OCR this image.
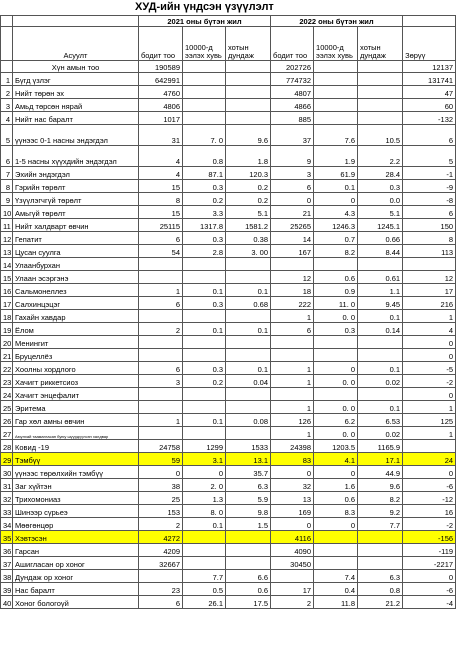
ХУД-ийн үндсэн үзүүлэлт
		2021 оны бүтэн жил			2022 оны бүтэн жил			
	Асуулт	бодит тоо	10000-д ээлэх хувь	хотын дундаж	бодит тоо	10000-д ээлэх хувь	хотын дундаж	Зөрүү
	Хүн амын тоо	190589			202726			12137
1	Бүгд үзлэг	642991			774732			131741
2	Нийт төрөн эх	4760			4807			47
3	Амьд төрсөн нярай	4806			4866			60
4	Нийт нас баралт	1017			885			-132
5	үүнээс 0-1 насны эндэгдэл	31	7. 0	9.6	37	7.6	10.5	6
6	1-5 насны хүүхдийн эндэгдэл	4	0.8	1.8	9	1.9	2.2	5
7	Эхийн эндэгдэл	4	87.1	120.3	3	61.9	28.4	-1
8	Гэрийн төрөлт	15	0.3	0.2	6	0.1	0.3	-9
9	Үзүүлэгчгүй төрөлт	8	0.2	0.2	0	0	0.0	-8
10	Амьгүй төрөлт	15	3.3	5.1	21	4.3	5.1	6
11	Нийт халдварт өвчин	25115	1317.8	1581.2	25265	1246.3	1245.1	150
12	Гепатит	6	0.3	0.38	14	0.7	0.66	8
13	Цусан суулга	54	2.8	3. 00	167	8.2	8.44	113
14	Улаанбурхан							
15	Улаан эсэргэнэ				12	0.6	0.61	12
16	Сальмонеллез	1	0.1	0.1	18	0.9	1.1	17
17	Салхинцэцэг	6	0.3	0.68	222	11. 0	9.45	216
18	Гахайн хавдар				1	0. 0	0.1	1
19	Ёлом	2	0.1	0.1	6	0.3	0.14	4
20	Менингит							0
21	Бруцеллёз							0
22	Хоолны хордлого	6	0.3	0.1	1	0	0.1	-5
23	Хачигт риккетсиоз	3	0.2	0.04	1	0. 0	0.02	-2
24	Хачигт энцефалит							0
25	Эритема				1	0. 0	0.1	1
26	Гар хөл амны өвчин	1	0.1	0.08	126	6.2	6.53	125
27	Аюулхай таамагласан буюу шүүрдүүлсэн халдвар				1	0. 0	0.02	1
28	Ковид -19	24758	1299	1533	24398	1203.5	1165.9	
29	Тэмбүү	59	3.1	13.1	83	4.1	17.1	24
30	үүнээс төрөлхийн тэмбүү	0	0	35.7	0	0	44.9	0
31	Заг хүйтэн	38	2. 0	6.3	32	1.6	9.6	-6
32	Трихомониаз	25	1.3	5.9	13	0.6	8.2	-12
33	Шинээр сүрьеэ	153	8. 0	9.8	169	8.3	9.2	16
34	Мөөгөнцөр	2	0.1	1.5	0	0	7.7	-2
35	Хэвтэсэн	4272			4116			-156
36	Гарсан	4209			4090			-119
37	Ашигласан ор хоног	32667			30450			-2217
38	Дундаж ор хоног		7.7	6.6		7.4	6.3	0
39	Нас баралт	23	0.5	0.6	17	0.4	0.8	-6
40	Хоног бологоүй	6	26.1	17.5	2	11.8	21.2	-4
